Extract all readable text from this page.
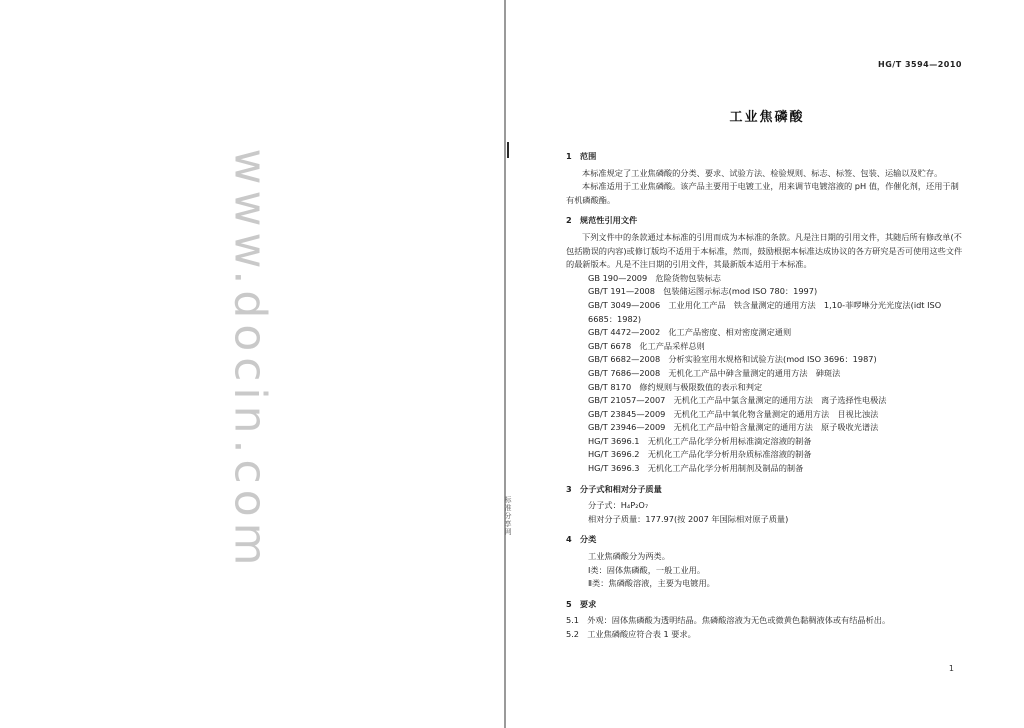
www.docin.com	标准分享网
HG/T 3594—2010
工业焦磷酸

1　范围

本标准规定了工业焦磷酸的分类、要求、试验方法、检验规则、标志、标签、包装、运输以及贮存。

本标准适用于工业焦磷酸。该产品主要用于电镀工业，用来调节电镀溶液的 pH 值，作催化剂，还用于制有机磷酸酯。

2　规范性引用文件

下列文件中的条款通过本标准的引用而成为本标准的条款。凡是注日期的引用文件，其随后所有修改单(不包括勘误的内容)或修订版均不适用于本标准，然而，鼓励根据本标准达成协议的各方研究是否可使用这些文件的最新版本。凡是不注日期的引用文件，其最新版本适用于本标准。

GB 190—2009　危险货物包装标志

GB/T 191—2008　包装储运图示标志(mod ISO 780：1997)

GB/T 3049—2006　工业用化工产品　铁含量测定的通用方法　1,10-菲啰啉分光光度法(idt ISO 6685：1982)

GB/T 4472—2002　化工产品密度、相对密度测定通则

GB/T 6678　化工产品采样总则

GB/T 6682—2008　分析实验室用水规格和试验方法(mod ISO 3696：1987)

GB/T 7686—2008　无机化工产品中砷含量测定的通用方法　砷斑法

GB/T 8170　修约规则与极限数值的表示和判定

GB/T 21057—2007　无机化工产品中氯含量测定的通用方法　离子选择性电极法

GB/T 23845—2009　无机化工产品中氧化物含量测定的通用方法　目视比浊法

GB/T 23946—2009　无机化工产品中铅含量测定的通用方法　原子吸收光谱法

HG/T 3696.1　无机化工产品化学分析用标准滴定溶液的制备

HG/T 3696.2　无机化工产品化学分析用杂质标准溶液的制备

HG/T 3696.3　无机化工产品化学分析用制剂及制品的制备

3　分子式和相对分子质量

分子式：H₄P₂O₇

相对分子质量：177.97(按 2007 年国际相对原子质量)

4　分类

工业焦磷酸分为两类。

Ⅰ类：固体焦磷酸，一般工业用。

Ⅱ类：焦磷酸溶液，主要为电镀用。

5　要求

5.1　外观：固体焦磷酸为透明结晶。焦磷酸溶液为无色或微黄色黏稠液体或有结晶析出。

5.2　工业焦磷酸应符合表 1 要求。

1
